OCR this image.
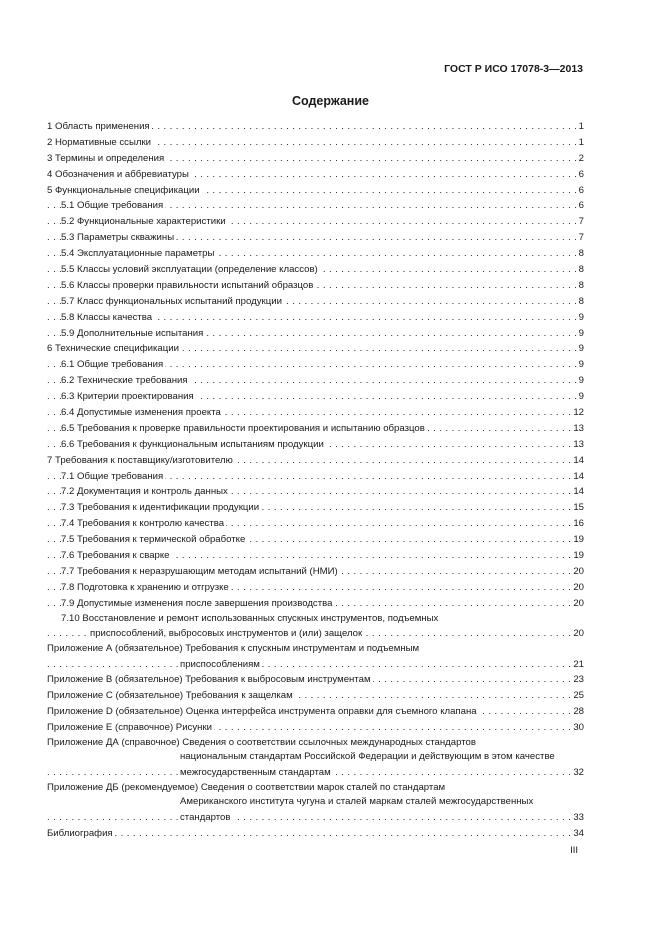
ГОСТ Р ИСО 17078-3—2013
Содержание
1 Область применения	1
. . .
2 Нормативные ссылки	1
. . .
3 Термины и определения	2
. . .
4 Обозначения и аббревиатуры	6
. . .
5 Функциональные спецификации	6
. . .
5.1 Общие требования	6
. . .
5.2 Функциональные характеристики	7
. . .
5.3 Параметры скважины	7
. . .
5.4 Эксплуатационные параметры	8
. . .
5.5 Классы условий эксплуатации (определение классов)	8
. . .
5.6 Классы проверки правильности испытаний образцов	8
. . .
5.7 Класс функциональных испытаний продукции	8
. . .
5.8 Классы качества	9
. . .
5.9 Дополнительные испытания	9
. . .
6 Технические спецификации	9
. . .
6.1 Общие требования	9
. . .
6.2 Технические требования	9
. . .
6.3 Критерии проектирования	9
. . .
6.4 Допустимые изменения проекта	12
. . .
6.5 Требования к проверке правильности проектирования и испытанию образцов	13
. . .
6.6 Требования к функциональным испытаниям продукции	13
. . .
7 Требования к поставщику/изготовителю	14
. . .
7.1 Общие требования	14
. . .
7.2 Документация и контроль данных	14
. . .
7.3 Требования к идентификации продукции	15
. . .
7.4 Требования к контролю качества	16
. . .
7.5 Требования к термической обработке	19
. . .
7.6 Требования к сварке	19
. . .
7.7 Требования к неразрушающим методам испытаний (НМИ)	20
. . .
7.8 Подготовка к хранению и отгрузке	20
. . .
7.9 Допустимые изменения после завершения производства	20
. . .
7.10 Восстановление и ремонт использованных спускных инструментов, подъемных
приспособлений, выбросовых инструментов и (или) защелок	20
. . .
Приложение А (обязательное) Требования к спускным инструментам и подъемным
приспособлениям	21
. . .
Приложение В (обязательное) Требования к выбросовым инструментам	23
. . .
Приложение С (обязательное) Требования к защелкам	25
. . .
Приложение D (обязательное) Оценка интерфейса инструмента оправки для съемного клапана	28
. . .
Приложение Е (справочное) Рисунки	30
. . .
Приложение ДА (справочное) Сведения о соответствии ссылочных международных стандартов
национальным стандартам Российской Федерации и действующим в этом качестве
межгосударственным стандартам	32
. . .
Приложение ДБ (рекомендуемое) Сведения о соответствии марок сталей по стандартам
Американского института чугуна и сталей маркам сталей межгосударственных
стандартов	33
. . .
Библиография	34
. . .
III
